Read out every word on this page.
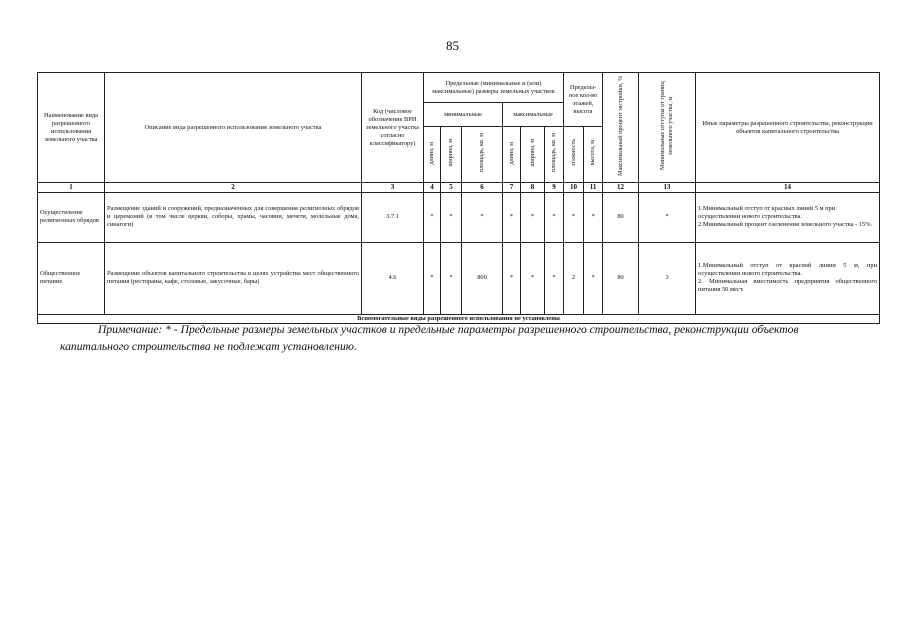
85
Наименование вида разрешенного использования земельного участка	Описание вида разрешенного использования земельного участка	Код (числовое обозначение ВРИ земельного участка согласно классификатору)	Предельные (минимальные и (или) максимальные) размеры земельных участков						Пределы-ное кол-во этажей, высота		Максимальный процент застройки, %	Минимальные отступы от границ земельного участка, м	Иные параметры разрешенного строительства, реконструкции объектов капитального строительства
			минимальные			максимальные							
			длина, м	ширина, м	площадь, кв. м	длина, м	ширина, м	площадь, кв. м	этажность	высота, м			
1	2	3	4	5	6	7	8	9	10	11	12	13	14
Осуществление религиозных обрядов	Размещение зданий и сооружений, предназначенных для совершения религиозных обрядов и церемоний (в том числе церкви, соборы, храмы, часовни, мечети, молельные дома, синагоги)	3.7.1	*	*	*	*	*	*	*	*	80	*	1.Минимальный отступ от красных линий 5 м при осуществлении нового строительства.
2.Минимальный процент озеленения земельного участка - 15%.
Общественное питание	Размещение объектов капитального строительства в целях устройства мест общественного питания (рестораны, кафе, столовые, закусочные, бары)	4.6	*	*	800	*	*	*	2	*	80	3	1.Минимальный отступ от красной линии 5 м, при осуществлении нового строительства.
2. Минимальная вместимость предприятия общественного питания 50 мест.
Вспомогательные виды разрешенного использования не установлены													
Примечание: * - Предельные размеры земельных участков и предельные параметры разрешенного строительства, реконструкции объектов капитального строительства не подлежат установлению.
